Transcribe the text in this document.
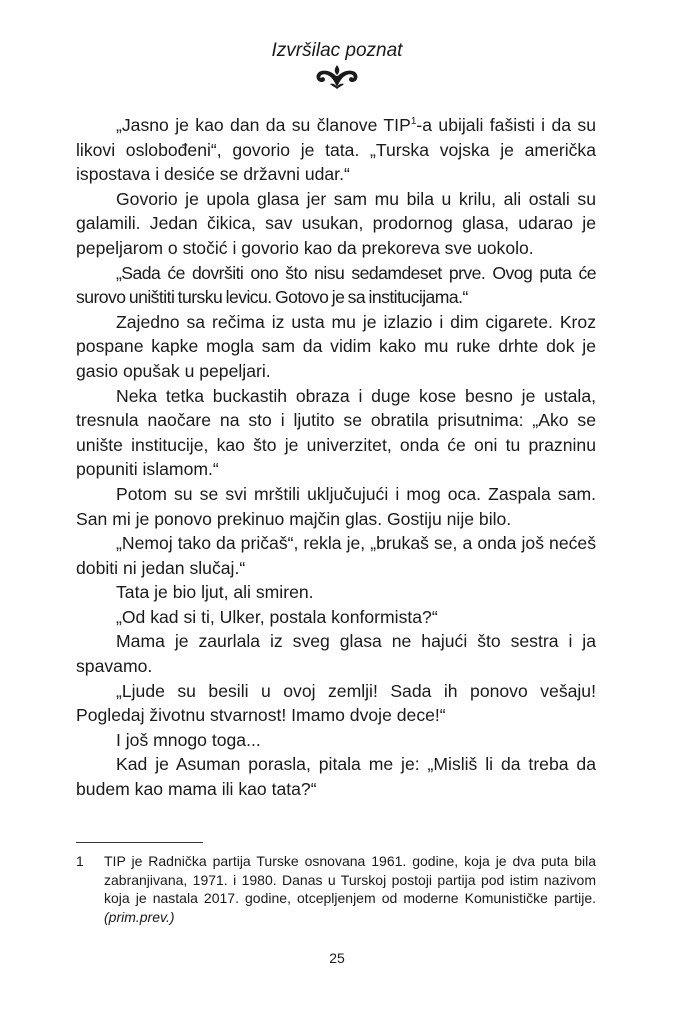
Izvršilac poznat

„Jasno je kao dan da su članove TIP$^1$-a ubijali fašisti i da su likovi oslobođeni“, govorio je tata. „Turska vojska je američka ispostava i desiće se državni udar.“

Govorio je upola glasa jer sam mu bila u krilu, ali ostali su galamili. Jedan čikica, sav usukan, prodornog glasa, udarao je pepeljarom o stočić i govorio kao da prekoreva sve uokolo.

„Sada će dovršiti ono što nisu sedamdeset prve. Ovog puta će surovo uništiti tursku levicu. Gotovo je sa institucijama.“

Zajedno sa rečima iz usta mu je izlazio i dim cigarete. Kroz pospane kapke mogla sam da vidim kako mu ruke drhte dok je gasio opušak u pepeljari.

Neka tetka buckastih obraza i duge kose besno je ustala, tresnula naočare na sto i ljutito se obratila prisutnima: „Ako se unište institucije, kao što je univerzitet, onda će oni tu prazninu popuniti islamom.“

Potom su se svi mrštili uključujući i mog oca. Zaspala sam. San mi je ponovo prekinuo majčin glas. Gostiju nije bilo.

„Nemoj tako da pričaš“, rekla je, „brukaš se, a onda još nećeš dobiti ni jedan slučaj.“

Tata je bio ljut, ali smiren.

„Od kad si ti, Ulker, postala konformista?“

Mama je zaurlala iz sveg glasa ne hajući što sestra i ja spavamo.

„Ljude su besili u ovoj zemlji! Sada ih ponovo vešaju! Pogledaj životnu stvarnost! Imamo dvoje dece!“

I još mnogo toga...

Kad je Asuman porasla, pitala me je: „Misliš li da treba da budem kao mama ili kao tata?“

1	TIP je Radnička partija Turske osnovana 1961. godine, koja je dva puta bila zabranjivana, 1971. i 1980. Danas u Turskoj postoji partija pod istim nazivom koja je nastala 2017. godine, otcepljenjem od moderne Komunističke partije. (prim.prev.)
25
